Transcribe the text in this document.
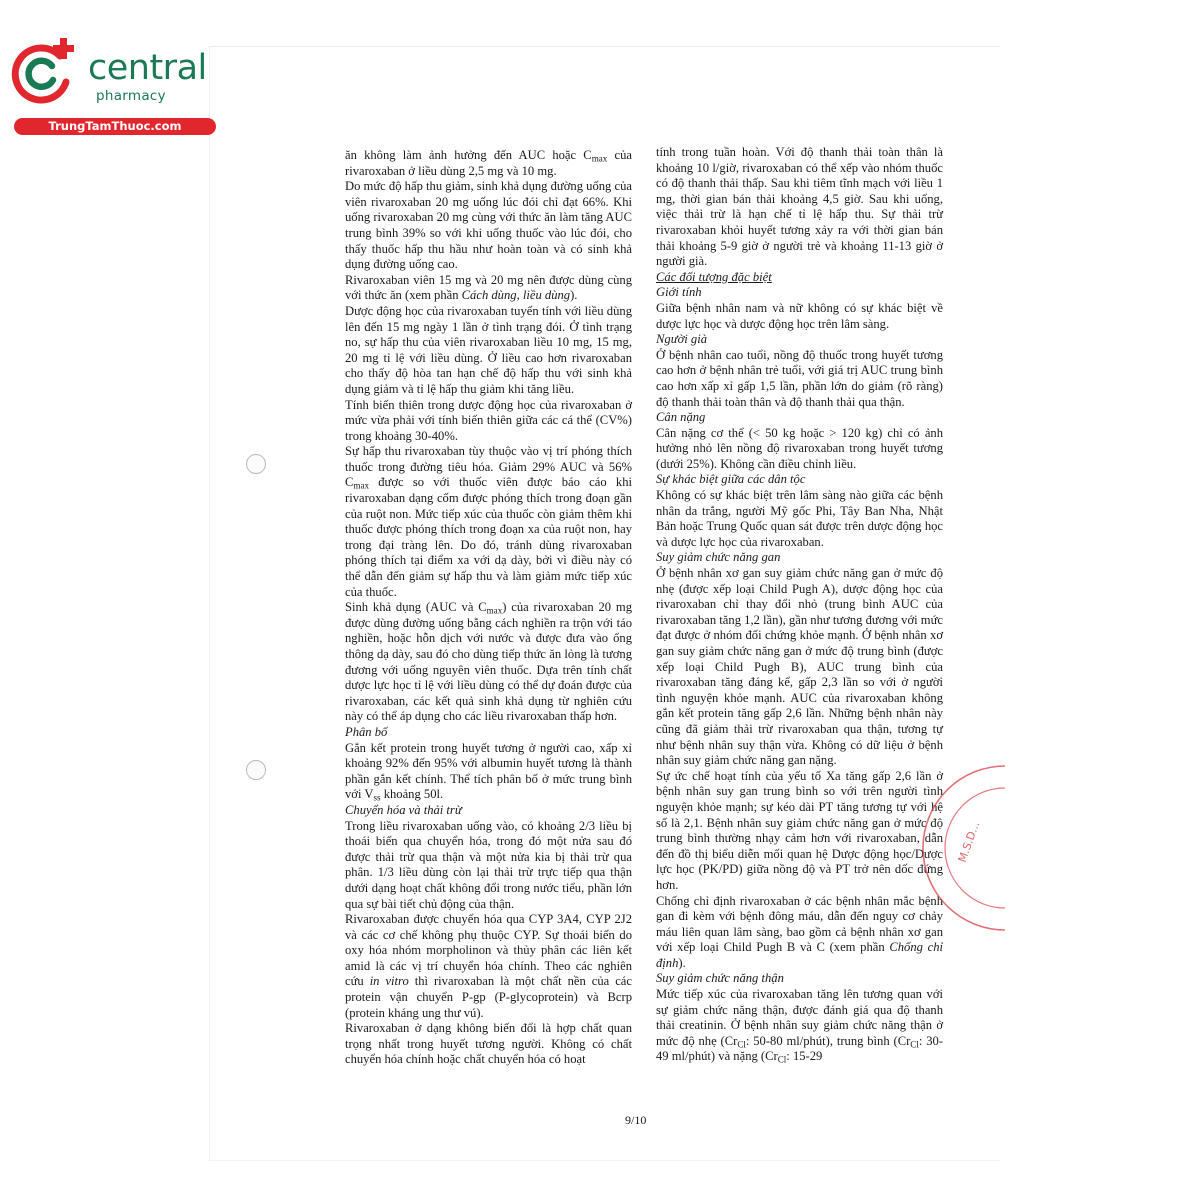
central
pharmacy
TrungTamThuoc.com

ăn không làm ảnh hưởng đến AUC hoặc $C_{max}$ của rivaroxaban ở liều dùng 2,5 mg và 10 mg.

Do mức độ hấp thu giảm, sinh khả dụng đường uống của viên rivaroxaban 20 mg uống lúc đói chỉ đạt 66%. Khi uống rivaroxaban 20 mg cùng với thức ăn làm tăng AUC trung bình 39% so với khi uống thuốc vào lúc đói, cho thấy thuốc hấp thu hầu như hoàn toàn và có sinh khả dụng đường uống cao.

Rivaroxaban viên 15 mg và 20 mg nên được dùng cùng với thức ăn (xem phần Cách dùng, liều dùng).

Dược động học của rivaroxaban tuyến tính với liều dùng lên đến 15 mg ngày 1 lần ở tình trạng đói. Ở tình trạng no, sự hấp thu của viên rivaroxaban liều 10 mg, 15 mg, 20 mg tỉ lệ với liều dùng. Ở liều cao hơn rivaroxaban cho thấy độ hòa tan hạn chế độ hấp thu với sinh khả dụng giảm và tỉ lệ hấp thu giảm khi tăng liều.

Tính biến thiên trong dược động học của rivaroxaban ở mức vừa phải với tính biến thiên giữa các cá thể (CV%) trong khoảng 30-40%.

Sự hấp thu rivaroxaban tùy thuộc vào vị trí phóng thích thuốc trong đường tiêu hóa. Giảm 29% AUC và 56% $C_{max}$ được so với thuốc viên được báo cáo khi rivaroxaban dạng cốm được phóng thích trong đoạn gần của ruột non. Mức tiếp xúc của thuốc còn giảm thêm khi thuốc được phóng thích trong đoạn xa của ruột non, hay trong đại tràng lên. Do đó, tránh dùng rivaroxaban phóng thích tại điểm xa với dạ dày, bởi vì điều này có thể dẫn đến giảm sự hấp thu và làm giảm mức tiếp xúc của thuốc.

Sinh khả dụng (AUC và $C_{max}$) của rivaroxaban 20 mg được dùng đường uống bằng cách nghiền ra trộn với táo nghiền, hoặc hỗn dịch với nước và được đưa vào ống thông dạ dày, sau đó cho dùng tiếp thức ăn lỏng là tương đương với uống nguyên viên thuốc. Dựa trên tính chất dược lực học tỉ lệ với liều dùng có thể dự đoán được của rivaroxaban, các kết quả sinh khả dụng từ nghiên cứu này có thể áp dụng cho các liều rivaroxaban thấp hơn.

Phân bố

Gắn kết protein trong huyết tương ở người cao, xấp xỉ khoảng 92% đến 95% với albumin huyết tương là thành phần gắn kết chính. Thể tích phân bố ở mức trung bình với $V_{ss}$ khoảng 50l.

Chuyển hóa và thải trừ

Trong liều rivaroxaban uống vào, có khoảng 2/3 liều bị thoái biến qua chuyển hóa, trong đó một nửa sau đó được thải trừ qua thận và một nửa kia bị thải trừ qua phân. 1/3 liều dùng còn lại thải trừ trực tiếp qua thận dưới dạng hoạt chất không đổi trong nước tiểu, phần lớn qua sự bài tiết chủ động của thận.

Rivaroxaban được chuyển hóa qua CYP 3A4, CYP 2J2 và các cơ chế không phụ thuộc CYP. Sự thoái biến do oxy hóa nhóm morpholinon và thủy phân các liên kết amid là các vị trí chuyển hóa chính. Theo các nghiên cứu in vitro thì rivaroxaban là một chất nền của các protein vận chuyển P-gp (P-glycoprotein) và Bcrp (protein kháng ung thư vú).

Rivaroxaban ở dạng không biến đổi là hợp chất quan trọng nhất trong huyết tương người. Không có chất chuyển hóa chính hoặc chất chuyển hóa có hoạt

tính trong tuần hoàn. Với độ thanh thải toàn thân là khoảng 10 l/giờ, rivaroxaban có thể xếp vào nhóm thuốc có độ thanh thải thấp. Sau khi tiêm tĩnh mạch với liều 1 mg, thời gian bán thải khoảng 4,5 giờ. Sau khi uống, việc thải trừ là hạn chế tỉ lệ hấp thu. Sự thải trừ rivaroxaban khỏi huyết tương xảy ra với thời gian bán thải khoảng 5-9 giờ ở người trẻ và khoảng 11-13 giờ ở người già.

Các đối tượng đặc biệt

Giới tính

Giữa bệnh nhân nam và nữ không có sự khác biệt về dược lực học và dược động học trên lâm sàng.

Người già

Ở bệnh nhân cao tuổi, nồng độ thuốc trong huyết tương cao hơn ở bệnh nhân trẻ tuổi, với giá trị AUC trung bình cao hơn xấp xỉ gấp 1,5 lần, phần lớn do giảm (rõ ràng) độ thanh thải toàn thân và độ thanh thải qua thận.

Cân nặng

Cân nặng cơ thể (< 50 kg hoặc > 120 kg) chỉ có ảnh hưởng nhỏ lên nồng độ rivaroxaban trong huyết tương (dưới 25%). Không cần điều chỉnh liều.

Sự khác biệt giữa các dân tộc

Không có sự khác biệt trên lâm sàng nào giữa các bệnh nhân da trắng, người Mỹ gốc Phi, Tây Ban Nha, Nhật Bản hoặc Trung Quốc quan sát được trên dược động học và dược lực học của rivaroxaban.

Suy giảm chức năng gan

Ở bệnh nhân xơ gan suy giảm chức năng gan ở mức độ nhẹ (được xếp loại Child Pugh A), dược động học của rivaroxaban chỉ thay đổi nhỏ (trung bình AUC của rivaroxaban tăng 1,2 lần), gần như tương đương với mức đạt được ở nhóm đối chứng khỏe mạnh. Ở bệnh nhân xơ gan suy giảm chức năng gan ở mức độ trung bình (được xếp loại Child Pugh B), AUC trung bình của rivaroxaban tăng đáng kể, gấp 2,3 lần so với ở người tình nguyện khỏe mạnh. AUC của rivaroxaban không gắn kết protein tăng gấp 2,6 lần. Những bệnh nhân này cũng đã giảm thải trừ rivaroxaban qua thận, tương tự như bệnh nhân suy thận vừa. Không có dữ liệu ở bệnh nhân suy giảm chức năng gan nặng.

Sự ức chế hoạt tính của yếu tố Xa tăng gấp 2,6 lần ở bệnh nhân suy gan trung bình so với trên người tình nguyện khỏe mạnh; sự kéo dài PT tăng tương tự với hệ số là 2,1. Bệnh nhân suy giảm chức năng gan ở mức độ trung bình thường nhạy cảm hơn với rivaroxaban, dẫn đến đồ thị biểu diễn mối quan hệ Dược động học/Dược lực học (PK/PD) giữa nồng độ và PT trở nên dốc đứng hơn.

Chống chỉ định rivaroxaban ở các bệnh nhân mắc bệnh gan đi kèm với bệnh đông máu, dẫn đến nguy cơ chảy máu liên quan lâm sàng, bao gồm cả bệnh nhân xơ gan với xếp loại Child Pugh B và C (xem phần Chống chỉ định).

Suy giảm chức năng thận

Mức tiếp xúc của rivaroxaban tăng lên tương quan với sự giảm chức năng thận, được đánh giá qua độ thanh thải creatinin. Ở bệnh nhân suy giảm chức năng thận ở mức độ nhẹ ($Cr_{Cl}$: 50-80 ml/phút), trung bình ($Cr_{Cl}$: 30-49 ml/phút) và nặng ($Cr_{Cl}$: 15-29

M.S.D...
9/10
